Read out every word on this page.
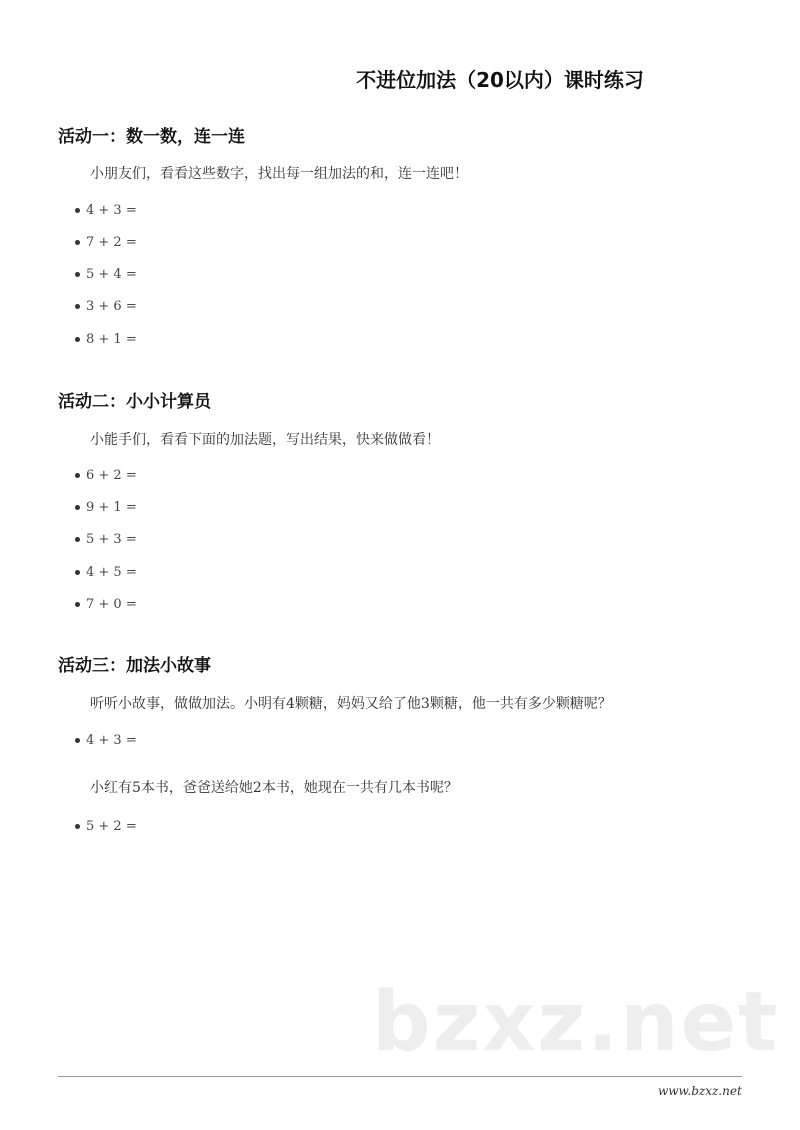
不进位加法（20以内）课时练习
活动一：数一数，连一连
小朋友们，看看这些数字，找出每一组加法的和，连一连吧！
4 + 3 =
7 + 2 =
5 + 4 =
3 + 6 =
8 + 1 =
活动二：小小计算员
小能手们，看看下面的加法题，写出结果，快来做做看！
6 + 2 =
9 + 1 =
5 + 3 =
4 + 5 =
7 + 0 =
活动三：加法小故事
听听小故事，做做加法。小明有4颗糖，妈妈又给了他3颗糖，他一共有多少颗糖呢？
4 + 3 =
小红有5本书，爸爸送给她2本书，她现在一共有几本书呢？
5 + 2 =
bzxz.net
www.bzxz.net
